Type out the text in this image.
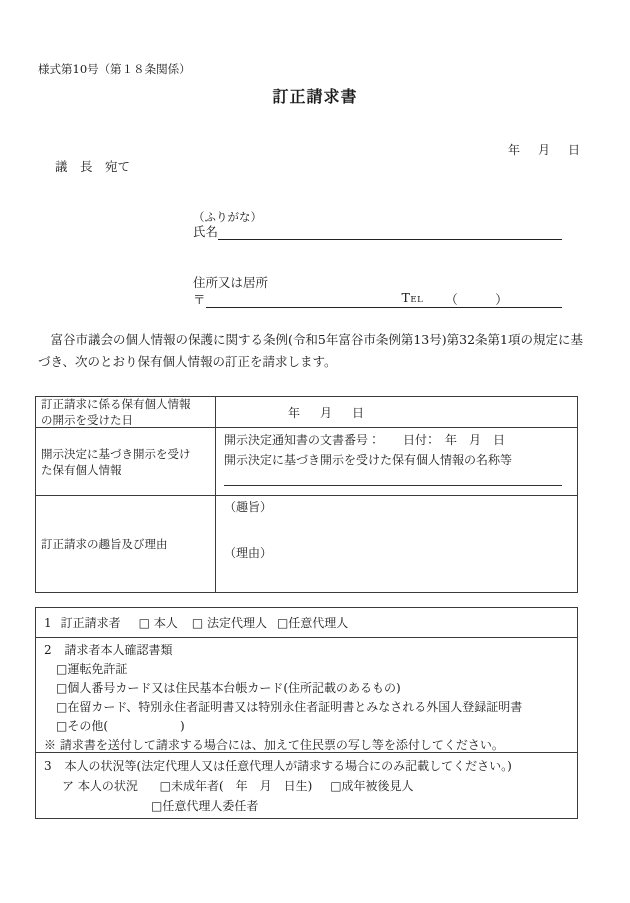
様式第10号（第１８条関係）
訂正請求書
年　月　日
議　長　宛て
（ふりがな）
氏名
住所又は居所
〒	TEL （　　　）
富谷市議会の個人情報の保護に関する条例(令和5年富谷市条例第13号)第32条第1項の規定に基づき、次のとおり保有個人情報の訂正を請求します。
訂正請求に係る保有個人情報の開示を受けた日
年　月　日
開示決定に基づき開示を受けた保有個人情報
開示決定通知書の文書番号： 日付：　年　月　日
開示決定に基づき開示を受けた保有個人情報の名称等
訂正請求の趣旨及び理由
（趣旨）
（理由）
1 訂正請求者 □ 本人 □ 法定代理人 □任意代理人
2 請求者本人確認書類
□運転免許証
□個人番号カード又は住民基本台帳カード(住所記載のあるもの)
□在留カード、特別永住者証明書又は特別永住者証明書とみなされる外国人登録証明書
□その他(　　　　　　)
※ 請求書を送付して請求する場合には、加えて住民票の写し等を添付してください。
3 本人の状況等(法定代理人又は任意代理人が請求する場合にのみ記載してください。)
ア 本人の状況 □未成年者(　年　月　日生) □成年被後見人
□任意代理人委任者
